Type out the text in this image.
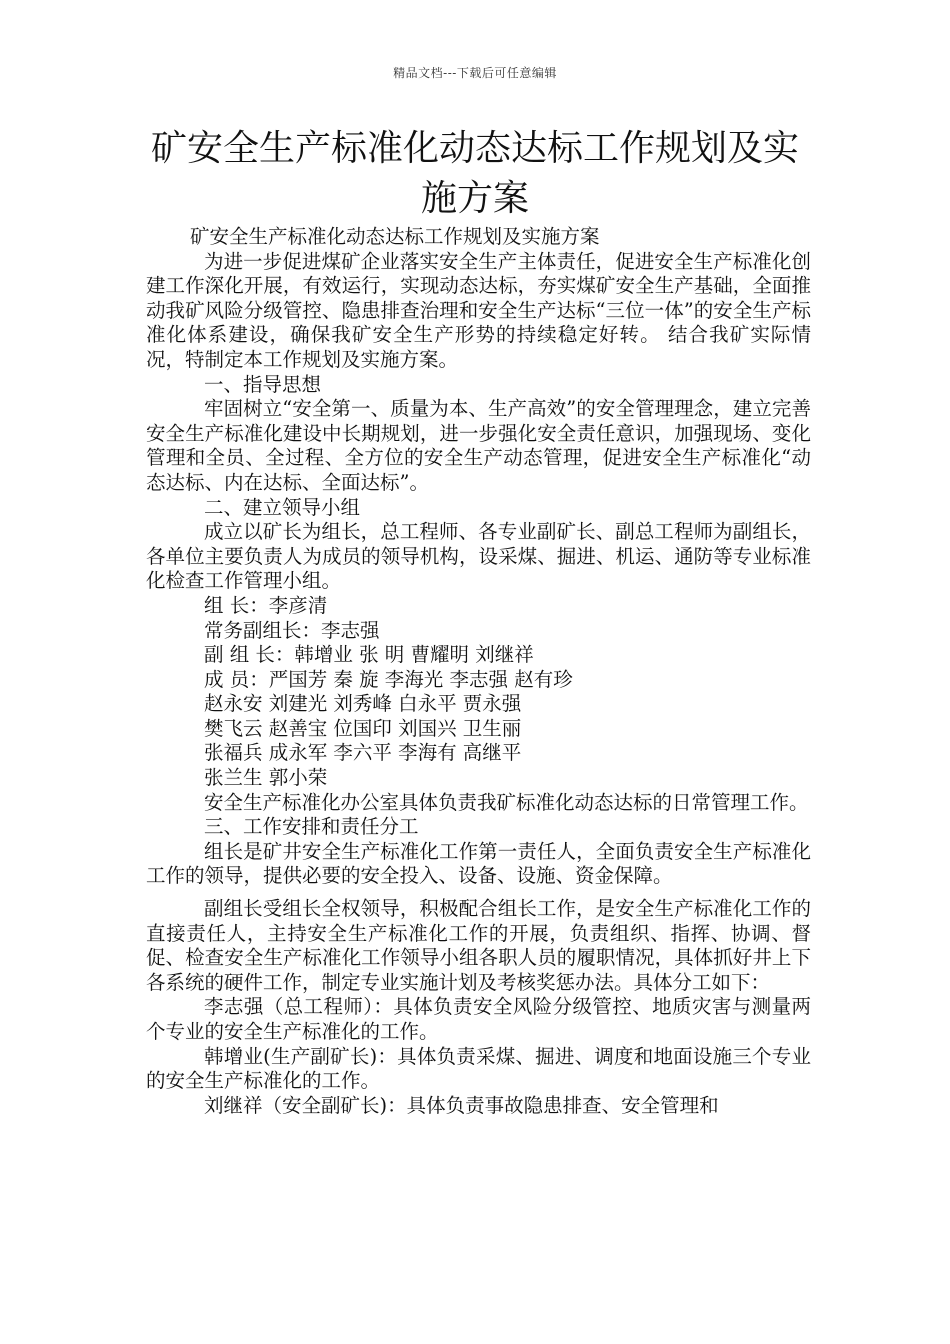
精品文档---下载后可任意编辑
矿安全生产标准化动态达标工作规划及实
施方案

矿安全生产标准化动态达标工作规划及实施方案

为进一步促进煤矿企业落实安全生产主体责任，促进安全生产标准化创建工作深化开展，有效运行，实现动态达标，夯实煤矿安全生产基础，全面推动我矿风险分级管控、隐患排查治理和安全生产达标“三位一体”的安全生产标准化体系建设，确保我矿安全生产形势的持续稳定好转。 结合我矿实际情况，特制定本工作规划及实施方案。

一、指导思想

牢固树立“安全第一、质量为本、生产高效”的安全管理理念，建立完善安全生产标准化建设中长期规划，进一步强化安全责任意识，加强现场、变化管理和全员、全过程、全方位的安全生产动态管理，促进安全生产标准化“动态达标、内在达标、全面达标”。

二、建立领导小组

成立以矿长为组长，总工程师、各专业副矿长、副总工程师为副组长，各单位主要负责人为成员的领导机构，设采煤、掘进、机运、通防等专业标准化检查工作管理小组。

组 长：李彦清

常务副组长：李志强

副 组 长：韩增业 张 明 曹耀明 刘继祥

成 员：严国芳 秦 旋 李海光 李志强 赵有珍

赵永安 刘建光 刘秀峰 白永平 贾永强

樊飞云 赵善宝 位国印 刘国兴 卫生丽

张福兵 成永军 李六平 李海有 高继平

张兰生 郭小荣

安全生产标准化办公室具体负责我矿标准化动态达标的日常管理工作。

三、工作安排和责任分工

组长是矿井安全生产标准化工作第一责任人，全面负责安全生产标准化工作的领导，提供必要的安全投入、设备、设施、资金保障。

副组长受组长全权领导，积极配合组长工作，是安全生产标准化工作的直接责任人，主持安全生产标准化工作的开展，负责组织、指挥、协调、督促、检查安全生产标准化工作领导小组各职人员的履职情况，具体抓好井上下各系统的硬件工作，制定专业实施计划及考核奖惩办法。具体分工如下：

李志强（总工程师）：具体负责安全风险分级管控、地质灾害与测量两个专业的安全生产标准化的工作。

韩增业(生产副矿长)：具体负责采煤、掘进、调度和地面设施三个专业的安全生产标准化的工作。

刘继祥（安全副矿长)：具体负责事故隐患排查、安全管理和
